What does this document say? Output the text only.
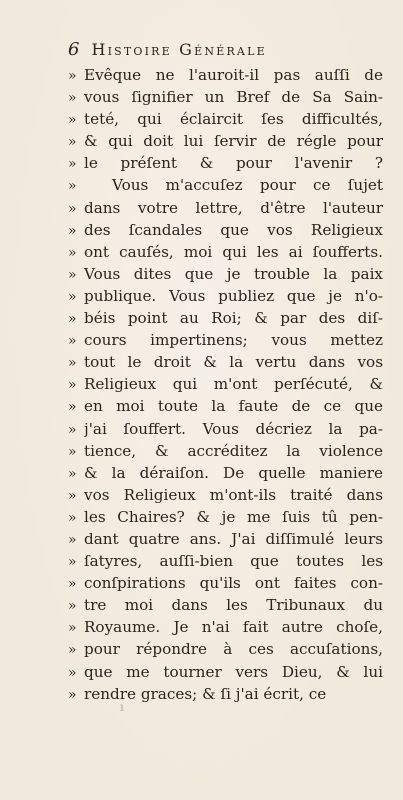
6 Histoire Générale
» Evêque ne l'auroit-il pas auſſi de
» vous ſignifier un Bref de Sa Sain-
» teté, qui éclaircit ſes difficultés,
» & qui doit lui ſervir de régle pour
» le préſent & pour l'avenir ?
»	Vous m'accuſez pour ce ſujet
» dans votre lettre, d'être l'auteur
» des ſcandales que vos Religieux
» ont cauſés, moi qui les ai ſoufferts.
» Vous dites que je trouble la paix
» publique. Vous publiez que je n'o-
» béis point au Roi; & par des diſ-
» cours impertinens; vous mettez
» tout le droit & la vertu dans vos
» Religieux qui m'ont perſécuté, &
» en moi toute la faute de ce que
» j'ai ſouffert. Vous décriez la pa-
» tience, & accréditez la violence
» & la déraiſon. De quelle maniere
» vos Religieux m'ont-ils traité dans
» les Chaires? & je me ſuis tû pen-
» dant quatre ans. J'ai diſſimulé leurs
» ſatyres, auſſi-bien que toutes les
» conſpirations qu'ils ont faites con-
» tre moi dans les Tribunaux du
» Royaume. Je n'ai fait autre choſe,
» pour répondre à ces accuſations,
» que me tourner vers Dieu, & lui
» rendre graces; & ſi j'ai écrit, ce
ı
